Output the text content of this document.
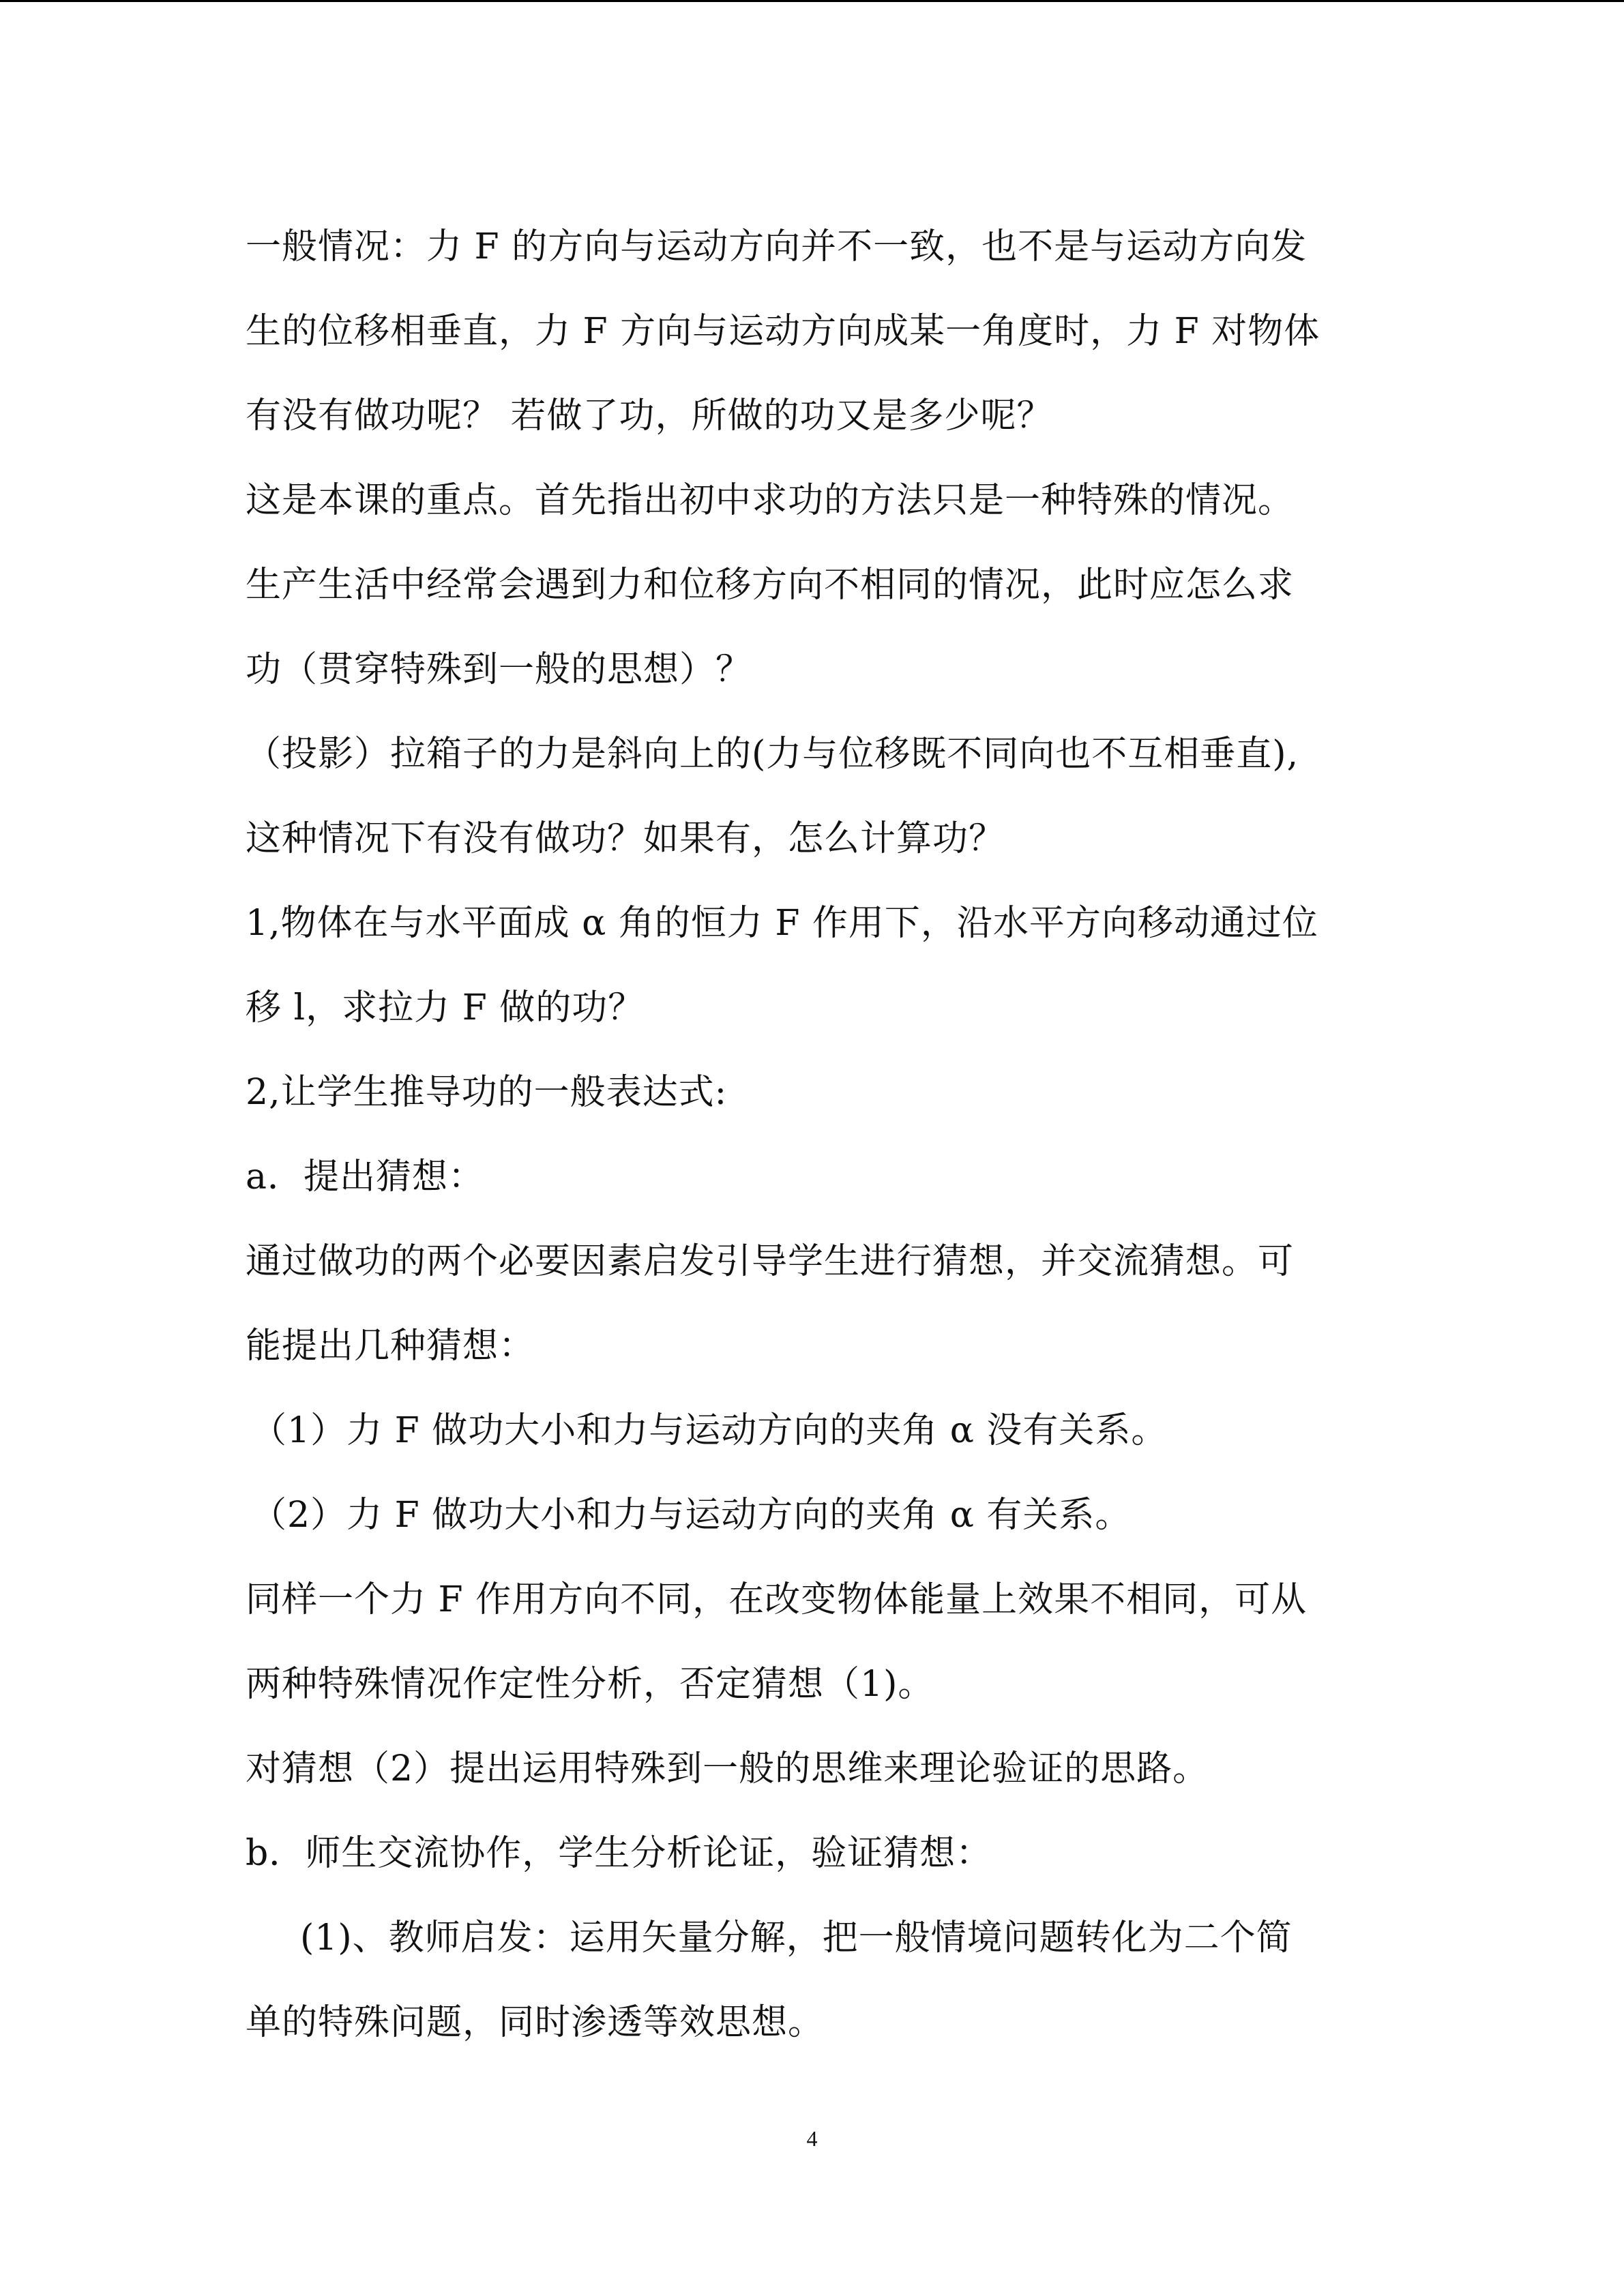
一般情况：力 F 的方向与运动方向并不一致，也不是与运动方向发
生的位移相垂直，力 F 方向与运动方向成某一角度时，力 F 对物体
有没有做功呢？ 若做了功，所做的功又是多少呢？
这是本课的重点。首先指出初中求功的方法只是一种特殊的情况。
生产生活中经常会遇到力和位移方向不相同的情况，此时应怎么求
功（贯穿特殊到一般的思想）？
（投影）拉箱子的力是斜向上的(力与位移既不同向也不互相垂直),
这种情况下有没有做功？如果有，怎么计算功？
1,物体在与水平面成 α 角的恒力 F 作用下，沿水平方向移动通过位
移 l，求拉力 F 做的功？
2,让学生推导功的一般表达式:
a．提出猜想：
通过做功的两个必要因素启发引导学生进行猜想，并交流猜想。可
能提出几种猜想：
（1）力 F 做功大小和力与运动方向的夹角 α 没有关系。
（2）力 F 做功大小和力与运动方向的夹角 α 有关系。
同样一个力 F 作用方向不同，在改变物体能量上效果不相同，可从
两种特殊情况作定性分析，否定猜想（1)。
对猜想（2）提出运用特殊到一般的思维来理论验证的思路。
b．师生交流协作，学生分析论证，验证猜想：
(1)、教师启发：运用矢量分解，把一般情境问题转化为二个简
单的特殊问题，同时渗透等效思想。
4
